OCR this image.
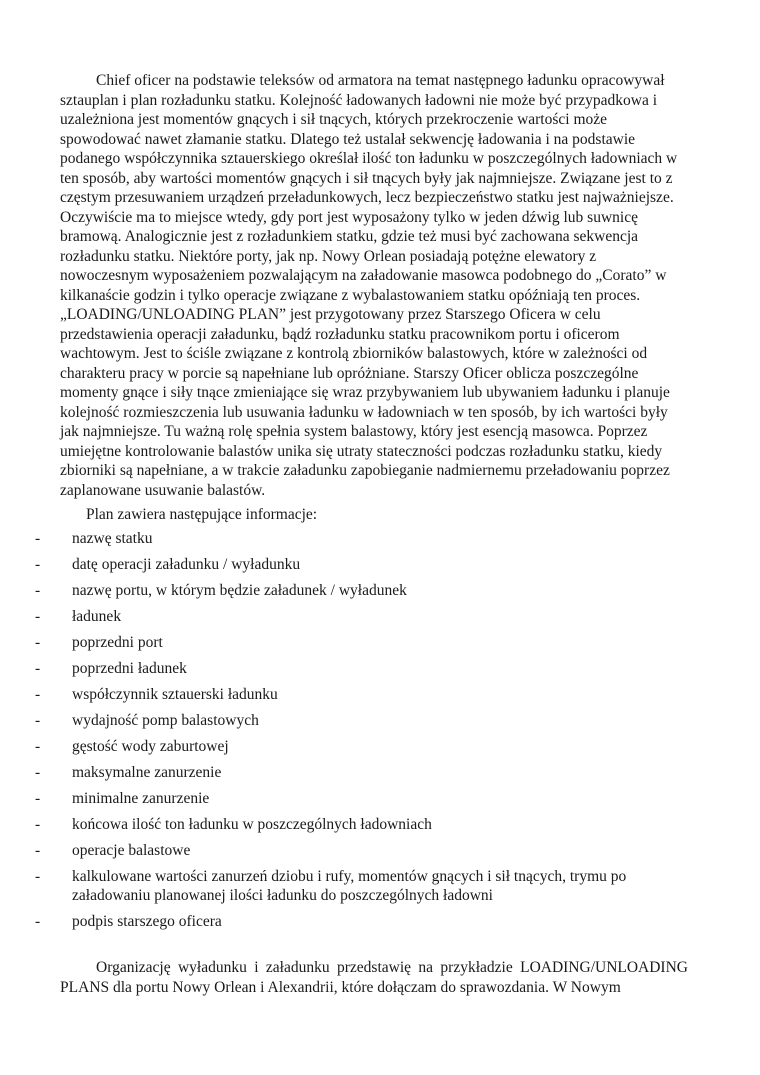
Chief oficer na podstawie teleksów od armatora na temat następnego ładunku opracowywał sztauplan i plan rozładunku statku. Kolejność ładowanych ładowni nie może być przypadkowa i uzależniona jest momentów gnących i sił tnących, których przekroczenie wartości może spowodować nawet złamanie statku. Dlatego też ustalał sekwencję ładowania i na podstawie podanego współczynnika sztauerskiego określał ilość ton ładunku w poszczególnych ładowniach w ten sposób, aby wartości momentów gnących i sił tnących były jak najmniejsze. Związane jest to z częstym przesuwaniem urządzeń przeładunkowych, lecz bezpieczeństwo statku jest najważniejsze. Oczywiście ma to miejsce wtedy, gdy port jest wyposażony tylko w jeden dźwig lub suwnicę bramową. Analogicznie jest z rozładunkiem statku, gdzie też musi być zachowana sekwencja rozładunku statku. Niektóre porty, jak np. Nowy Orlean posiadają potężne elewatory z nowoczesnym wyposażeniem pozwalającym na załadowanie masowca podobnego do „Corato” w kilkanaście godzin i tylko operacje związane z wybalastowaniem statku opóźniają ten proces. „LOADING/UNLOADING PLAN” jest przygotowany przez Starszego Oficera w celu przedstawienia operacji załadunku, bądź rozładunku statku pracownikom portu i oficerom wachtowym. Jest to ściśle związane z kontrolą zbiorników balastowych, które w zależności od charakteru pracy w porcie są napełniane lub opróżniane. Starszy Oficer oblicza poszczególne momenty gnące i siły tnące zmieniające się wraz przybywaniem lub ubywaniem ładunku i planuje kolejność rozmieszczenia lub usuwania ładunku w ładowniach w ten sposób, by ich wartości były jak najmniejsze. Tu ważną rolę spełnia system balastowy, który jest esencją masowca. Poprzez umiejętne kontrolowanie balastów unika się utraty stateczności podczas rozładunku statku, kiedy zbiorniki są napełniane, a w trakcie załadunku zapobieganie nadmiernemu przeładowaniu poprzez zaplanowane usuwanie balastów.

Plan zawiera następujące informacje:

- nazwę statku
- datę operacji załadunku / wyładunku
- nazwę portu, w którym będzie załadunek / wyładunek
- ładunek
- poprzedni port
- poprzedni ładunek
- współczynnik sztauerski ładunku
- wydajność pomp balastowych
- gęstość wody zaburtowej
- maksymalne zanurzenie
- minimalne zanurzenie
- końcowa ilość ton ładunku w poszczególnych ładowniach
- operacje balastowe
- kalkulowane wartości zanurzeń dziobu i rufy, momentów gnących i sił tnących, trymu po załadowaniu planowanej ilości ładunku do poszczególnych ładowni
- podpis starszego oficera

Organizację wyładunku i załadunku przedstawię na przykładzie LOADING/UNLOADING PLANS dla portu Nowy Orlean i Alexandrii, które dołączam do sprawozdania. W Nowym
